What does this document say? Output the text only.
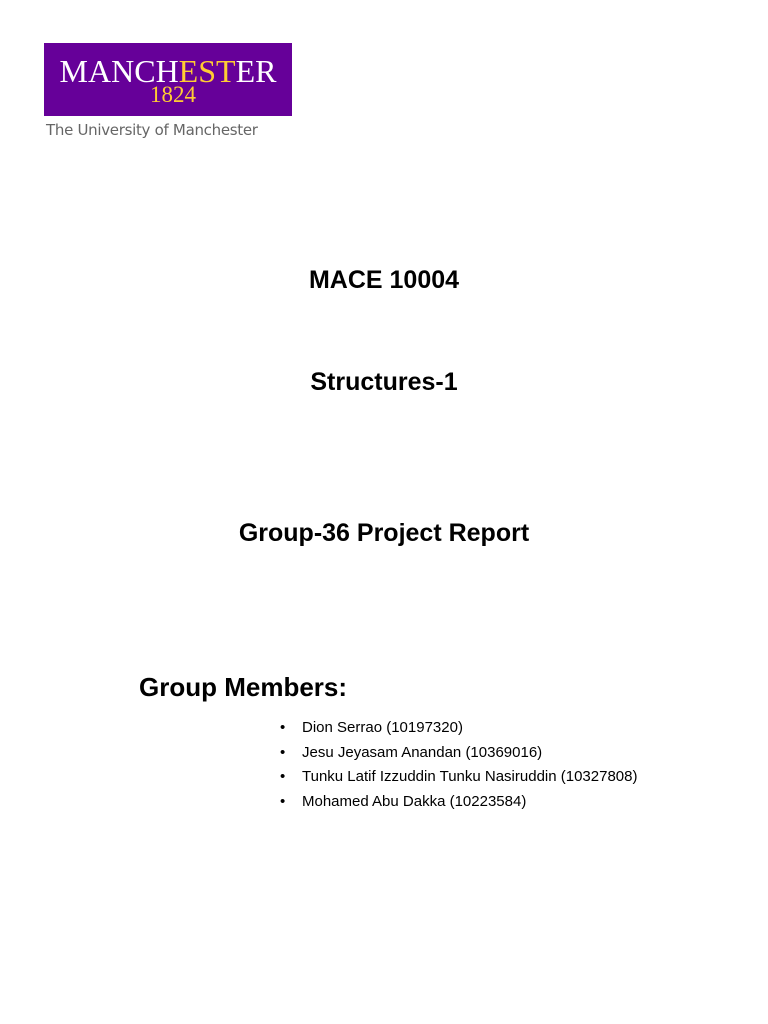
MANCHESTER
1824
The University of Manchester
MACE 10004
Structures-1
Group-36 Project Report
Group Members:
• Dion Serrao (10197320)
• Jesu Jeyasam Anandan (10369016)
• Tunku Latif Izzuddin Tunku Nasiruddin (10327808)
• Mohamed Abu Dakka (10223584)
